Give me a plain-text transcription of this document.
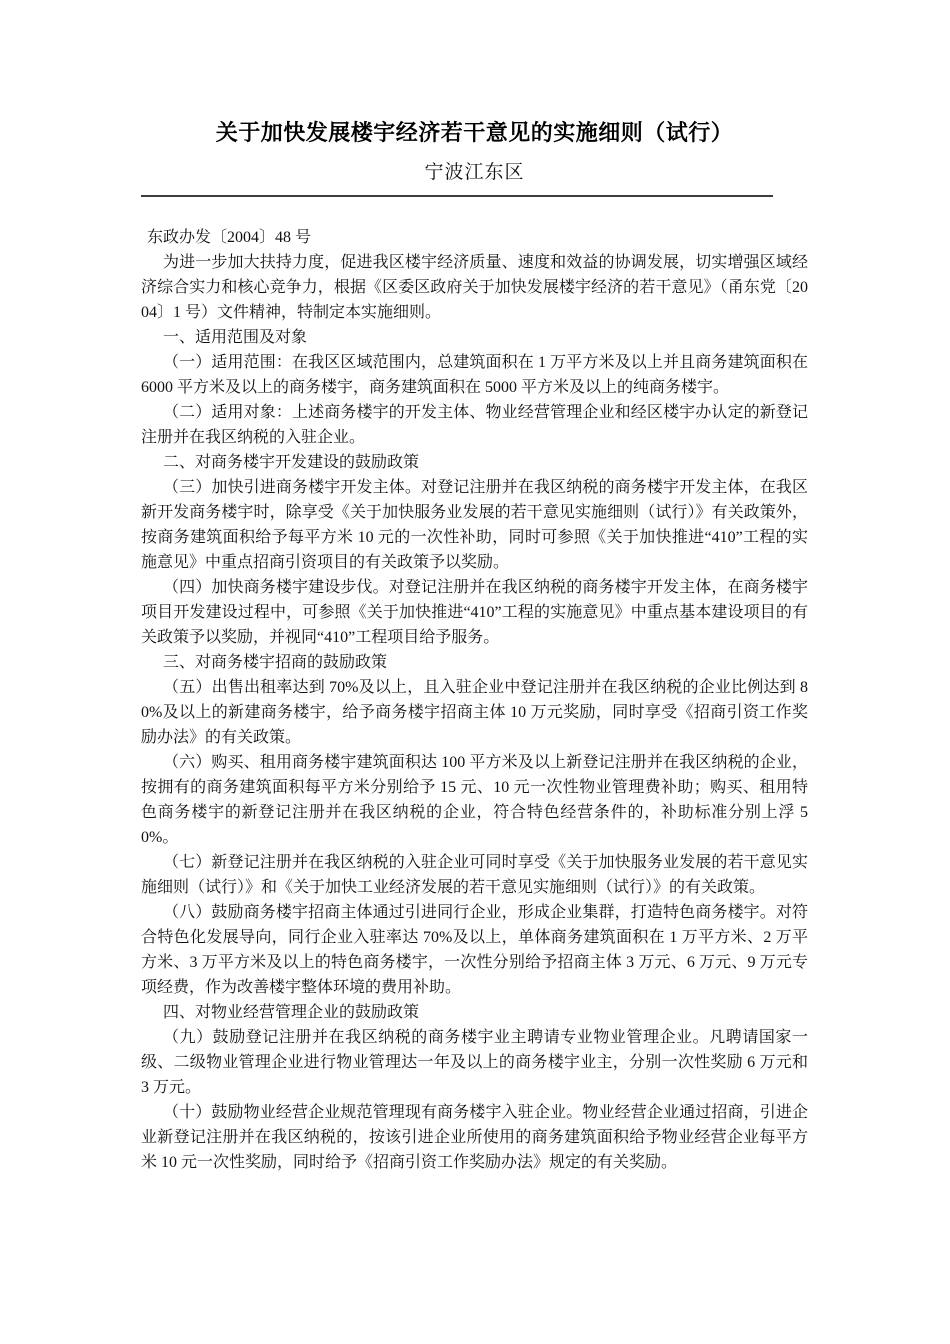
关于加快发展楼宇经济若干意见的实施细则（试行）
宁波江东区

东政办发〔2004〕48 号

为进一步加大扶持力度，促进我区楼宇经济质量、速度和效益的协调发展，切实增强区域经济综合实力和核心竞争力，根据《区委区政府关于加快发展楼宇经济的若干意见》（甬东党〔2004〕1 号）文件精神，特制定本实施细则。

一、适用范围及对象

（一）适用范围：在我区区域范围内，总建筑面积在 1 万平方米及以上并且商务建筑面积在 6000 平方米及以上的商务楼宇，商务建筑面积在 5000 平方米及以上的纯商务楼宇。

（二）适用对象：上述商务楼宇的开发主体、物业经营管理企业和经区楼宇办认定的新登记注册并在我区纳税的入驻企业。

二、对商务楼宇开发建设的鼓励政策

（三）加快引进商务楼宇开发主体。对登记注册并在我区纳税的商务楼宇开发主体，在我区新开发商务楼宇时，除享受《关于加快服务业发展的若干意见实施细则（试行）》有关政策外，按商务建筑面积给予每平方米 10 元的一次性补助，同时可参照《关于加快推进“410”工程的实施意见》中重点招商引资项目的有关政策予以奖励。

（四）加快商务楼宇建设步伐。对登记注册并在我区纳税的商务楼宇开发主体，在商务楼宇项目开发建设过程中，可参照《关于加快推进“410”工程的实施意见》中重点基本建设项目的有关政策予以奖励，并视同“410”工程项目给予服务。

三、对商务楼宇招商的鼓励政策

（五）出售出租率达到 70%及以上，且入驻企业中登记注册并在我区纳税的企业比例达到 80%及以上的新建商务楼宇，给予商务楼宇招商主体 10 万元奖励，同时享受《招商引资工作奖励办法》的有关政策。

（六）购买、租用商务楼宇建筑面积达 100 平方米及以上新登记注册并在我区纳税的企业，按拥有的商务建筑面积每平方米分别给予 15 元、10 元一次性物业管理费补助；购买、租用特色商务楼宇的新登记注册并在我区纳税的企业，符合特色经营条件的，补助标准分别上浮 50%。

（七）新登记注册并在我区纳税的入驻企业可同时享受《关于加快服务业发展的若干意见实施细则（试行）》和《关于加快工业经济发展的若干意见实施细则（试行）》的有关政策。

（八）鼓励商务楼宇招商主体通过引进同行企业，形成企业集群，打造特色商务楼宇。对符合特色化发展导向，同行企业入驻率达 70%及以上，单体商务建筑面积在 1 万平方米、2 万平方米、3 万平方米及以上的特色商务楼宇，一次性分别给予招商主体 3 万元、6 万元、9 万元专项经费，作为改善楼宇整体环境的费用补助。

四、对物业经营管理企业的鼓励政策

（九）鼓励登记注册并在我区纳税的商务楼宇业主聘请专业物业管理企业。凡聘请国家一级、二级物业管理企业进行物业管理达一年及以上的商务楼宇业主，分别一次性奖励 6 万元和 3 万元。

（十）鼓励物业经营企业规范管理现有商务楼宇入驻企业。物业经营企业通过招商，引进企业新登记注册并在我区纳税的，按该引进企业所使用的商务建筑面积给予物业经营企业每平方米 10 元一次性奖励，同时给予《招商引资工作奖励办法》规定的有关奖励。
